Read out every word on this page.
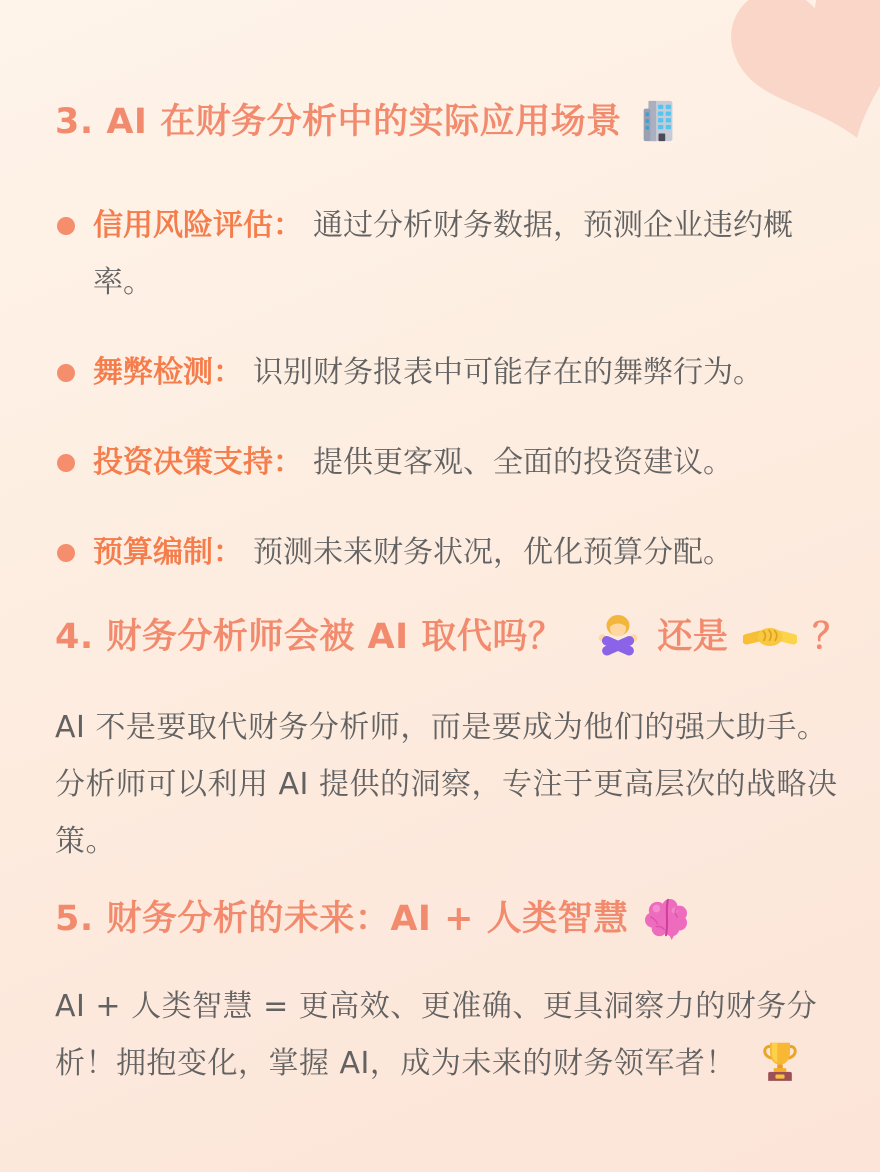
3. AI 在财务分析中的实际应用场景

信用风险评估： 通过分析财务数据，预测企业违约概率。

舞弊检测： 识别财务报表中可能存在的舞弊行为。

投资决策支持： 提供更客观、全面的投资建议。

预算编制： 预测未来财务状况，优化预算分配。

4. 财务分析师会被 AI 取代吗？	还是 ？

AI 不是要取代财务分析师，而是要成为他们的强大助手。分析师可以利用 AI 提供的洞察，专注于更高层次的战略决策。

5. 财务分析的未来：AI + 人类智慧

AI + 人类智慧 = 更高效、更准确、更具洞察力的财务分析！拥抱变化，掌握 AI，成为未来的财务领军者！
